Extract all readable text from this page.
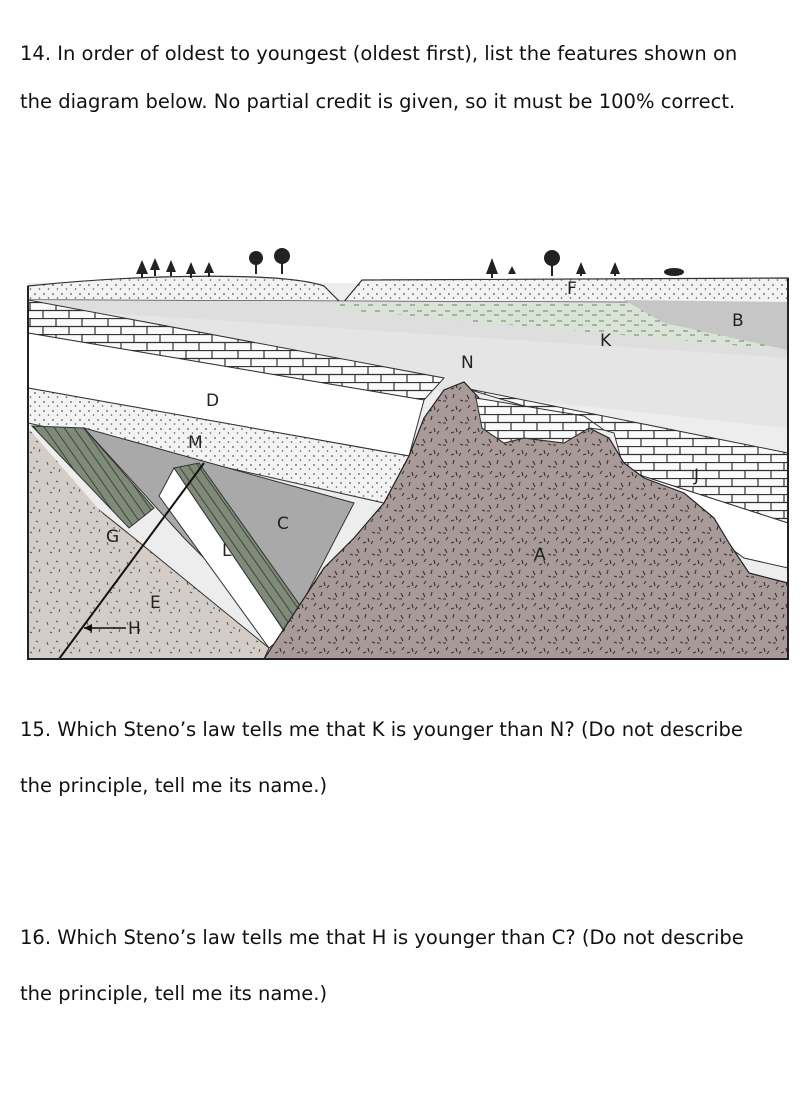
14. In order of oldest to youngest (oldest first), list the features shown on
the diagram below. No partial credit is given, so it must be 100% correct.
B
F
K
N
D
M
C
J
G
L	A
E
H
15. Which Steno’s law tells me that K is younger than N? (Do not describe
the principle, tell me its name.)
16. Which Steno’s law tells me that H is younger than C? (Do not describe
the principle, tell me its name.)
